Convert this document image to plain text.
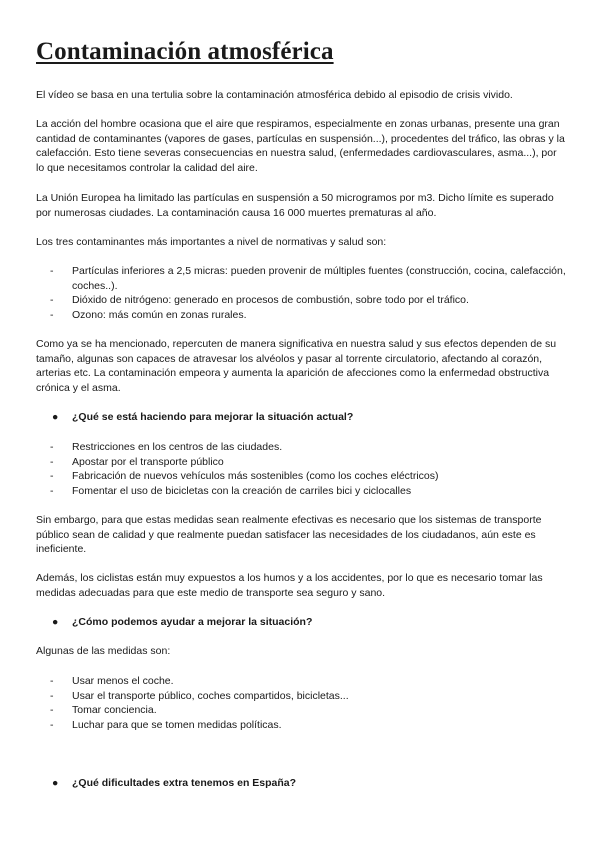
Contaminación atmosférica

El vídeo se basa en una tertulia sobre la contaminación atmosférica debido al episodio de crisis vivido.

La acción del hombre ocasiona que el aire que respiramos, especialmente en zonas urbanas, presente una gran cantidad de contaminantes (vapores de gases, partículas en suspensión...), procedentes del tráfico, las obras y la calefacción. Esto tiene severas consecuencias en nuestra salud, (enfermedades cardiovasculares, asma...), por lo que necesitamos controlar la calidad del aire.

La Unión Europea ha limitado las partículas en suspensión a 50 microgramos por m3. Dicho límite es superado por numerosas ciudades. La contaminación causa 16 000 muertes prematuras al año.

Los tres contaminantes más importantes a nivel de normativas y salud son:

- Partículas inferiores a 2,5 micras: pueden provenir de múltiples fuentes (construcción, cocina, calefacción, coches..).
- Dióxido de nitrógeno: generado en procesos de combustión, sobre todo por el tráfico.
- Ozono: más común en zonas rurales.

Como ya se ha mencionado, repercuten de manera significativa en nuestra salud y sus efectos dependen de su tamaño, algunas son capaces de atravesar los alvéolos y pasar al torrente circulatorio, afectando al corazón, arterias etc. La contaminación empeora y aumenta la aparición de afecciones como la enfermedad obstructiva crónica y el asma.

● ¿Qué se está haciendo para mejorar la situación actual?
- Restricciones en los centros de las ciudades.
- Apostar por el transporte público
- Fabricación de nuevos vehículos más sostenibles (como los coches eléctricos)
- Fomentar el uso de bicicletas con la creación de carriles bici y ciclocalles

Sin embargo, para que estas medidas sean realmente efectivas es necesario que los sistemas de transporte público sean de calidad y que realmente puedan satisfacer las necesidades de los ciudadanos, aún este es ineficiente.

Además, los ciclistas están muy expuestos a los humos y a los accidentes, por lo que es necesario tomar las medidas adecuadas para que este medio de transporte sea seguro y sano.

● ¿Cómo podemos ayudar a mejorar la situación?

Algunas de las medidas son:

- Usar menos el coche.
- Usar el transporte público, coches compartidos, bicicletas...
- Tomar conciencia.
- Luchar para que se tomen medidas políticas.
● ¿Qué dificultades extra tenemos en España?
